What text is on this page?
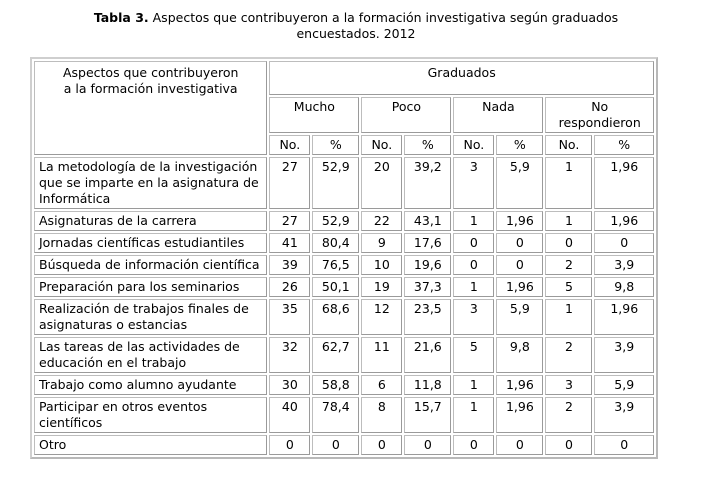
Tabla 3. Aspectos que contribuyeron a la formación investigativa según graduados
encuestados. 2012
Aspectos que contribuyeron
a la formación investigativa	Graduados							

	Mucho		Poco		Nada		No
respondieron	

	No.	%	No.	%	No.	%	No.	%
La metodología de la investigación que se imparte en la asignatura de Informática	27	52,9	20	39,2	3	5,9	1	1,96
Asignaturas de la carrera	27	52,9	22	43,1	1	1,96	1	1,96
Jornadas científicas estudiantiles	41	80,4	9	17,6	0	0	0	0
Búsqueda de información científica	39	76,5	10	19,6	0	0	2	3,9
Preparación para los seminarios	26	50,1	19	37,3	1	1,96	5	9,8
Realización de trabajos finales de asignaturas o estancias	35	68,6	12	23,5	3	5,9	1	1,96
Las tareas de las actividades de educación en el trabajo	32	62,7	11	21,6	5	9,8	2	3,9
Trabajo como alumno ayudante	30	58,8	6	11,8	1	1,96	3	5,9
Participar en otros eventos científicos	40	78,4	8	15,7	1	1,96	2	3,9
Otro	0	0	0	0	0	0	0	0
